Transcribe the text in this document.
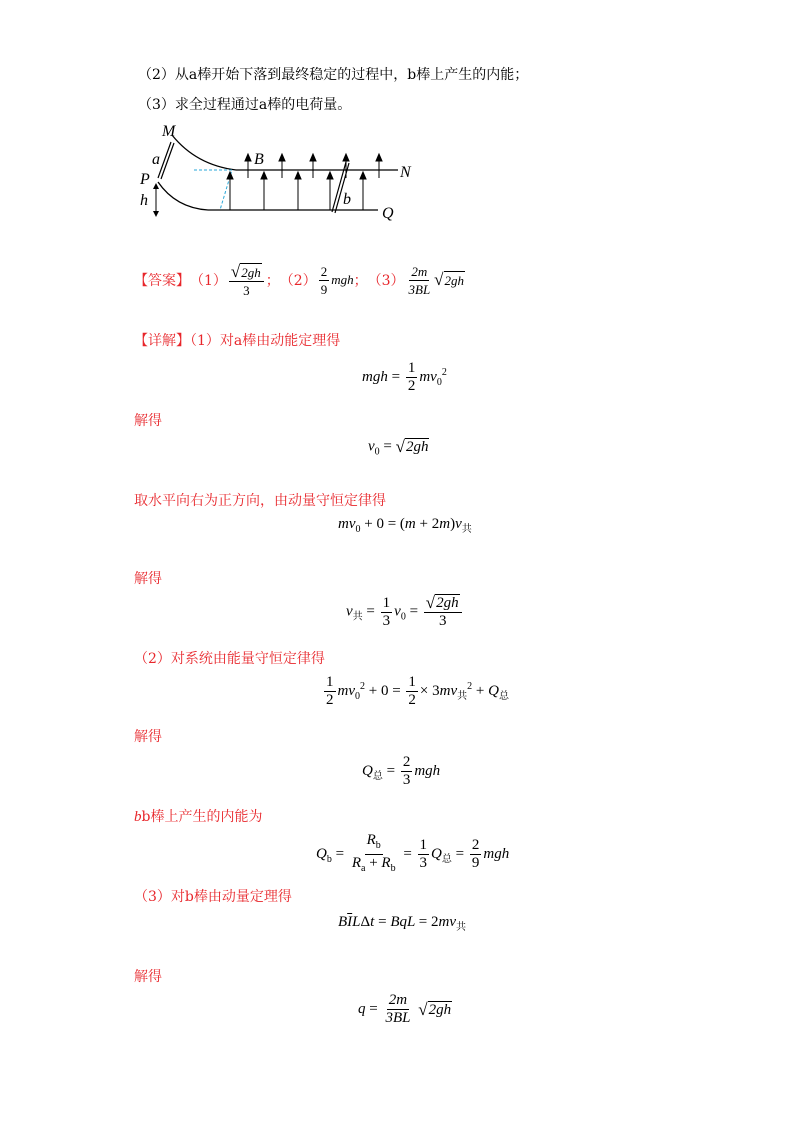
（2）从a棒开始下落到最终稳定的过程中，b棒上产生的内能；
（3）求全过程通过a棒的电荷量。
M
a
P
h
B
N
b
Q
【答案】 $(1) \frac{√ 2gh}{3}$ ； $(2) \frac{2}{9}$ mgh ； $(3) \frac{2m}{3BL}$ √ 2gh
【详解】（1）对a棒由动能定理得
mgh = $\frac{1}{2} mv_0^2$
解得
$v_0$ = √ 2gh
取水平向右为正方向，由动量守恒定律得
$mv_0 + 0 = (m + 2m)v_共$
解得
$v_共 = \frac{1}{3} v_0 = \frac{√ 2gh}{3}$
（2）对系统由能量守恒定律得
$\frac{1}{2} mv_0^2 + 0 = \frac{1}{2} \times 3mv_共^2 + Q_总$
解得
$Q_总 = \frac{2}{3}$ mgh
bb棒上产生的内能为
$Q_b = \frac{R_b}{R_a + R_b} = \frac{1}{3} Q_总 = \frac{2}{9}$ mgh
（3）对b棒由动量定理得
$B\overline{I}L\Delta t$ = BqL = $2mv_共$
解得
$q = \frac{2m}{3BL}$
√ 2gh
